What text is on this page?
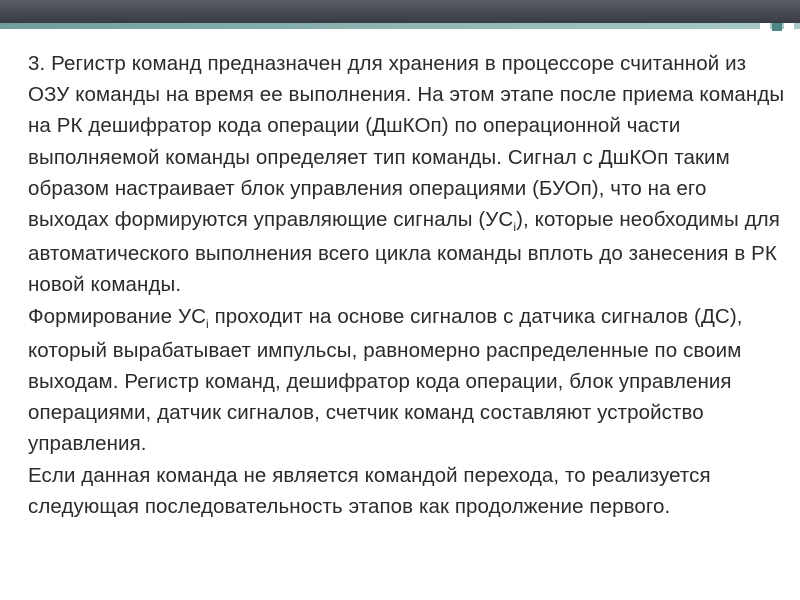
3. Регистр команд предназначен для хранения в процессоре считанной из ОЗУ команды на время ее выполнения. На этом этапе после приема команды на РК дешифратор кода операции (ДшКОп) по операционной части выполняемой команды определяет тип команды. Сигнал с ДшКОп таким образом настраивает блок управления операциями (БУОп), что на его выходах формируются управляющие сигналы $(УС_i)$, которые необходимы для автоматического выполнения всего цикла команды вплоть до занесения в РК новой команды.

Формирование $УС_i$ проходит на основе сигналов с датчика сигналов (ДС), который вырабатывает импульсы, равномерно распределенные по своим выходам. Регистр команд, дешифратор кода операции, блок управления операциями, датчик сигналов, счетчик команд составляют устройство управления.

Если данная команда не является командой перехода, то реализуется следующая последовательность этапов как продолжение первого.
